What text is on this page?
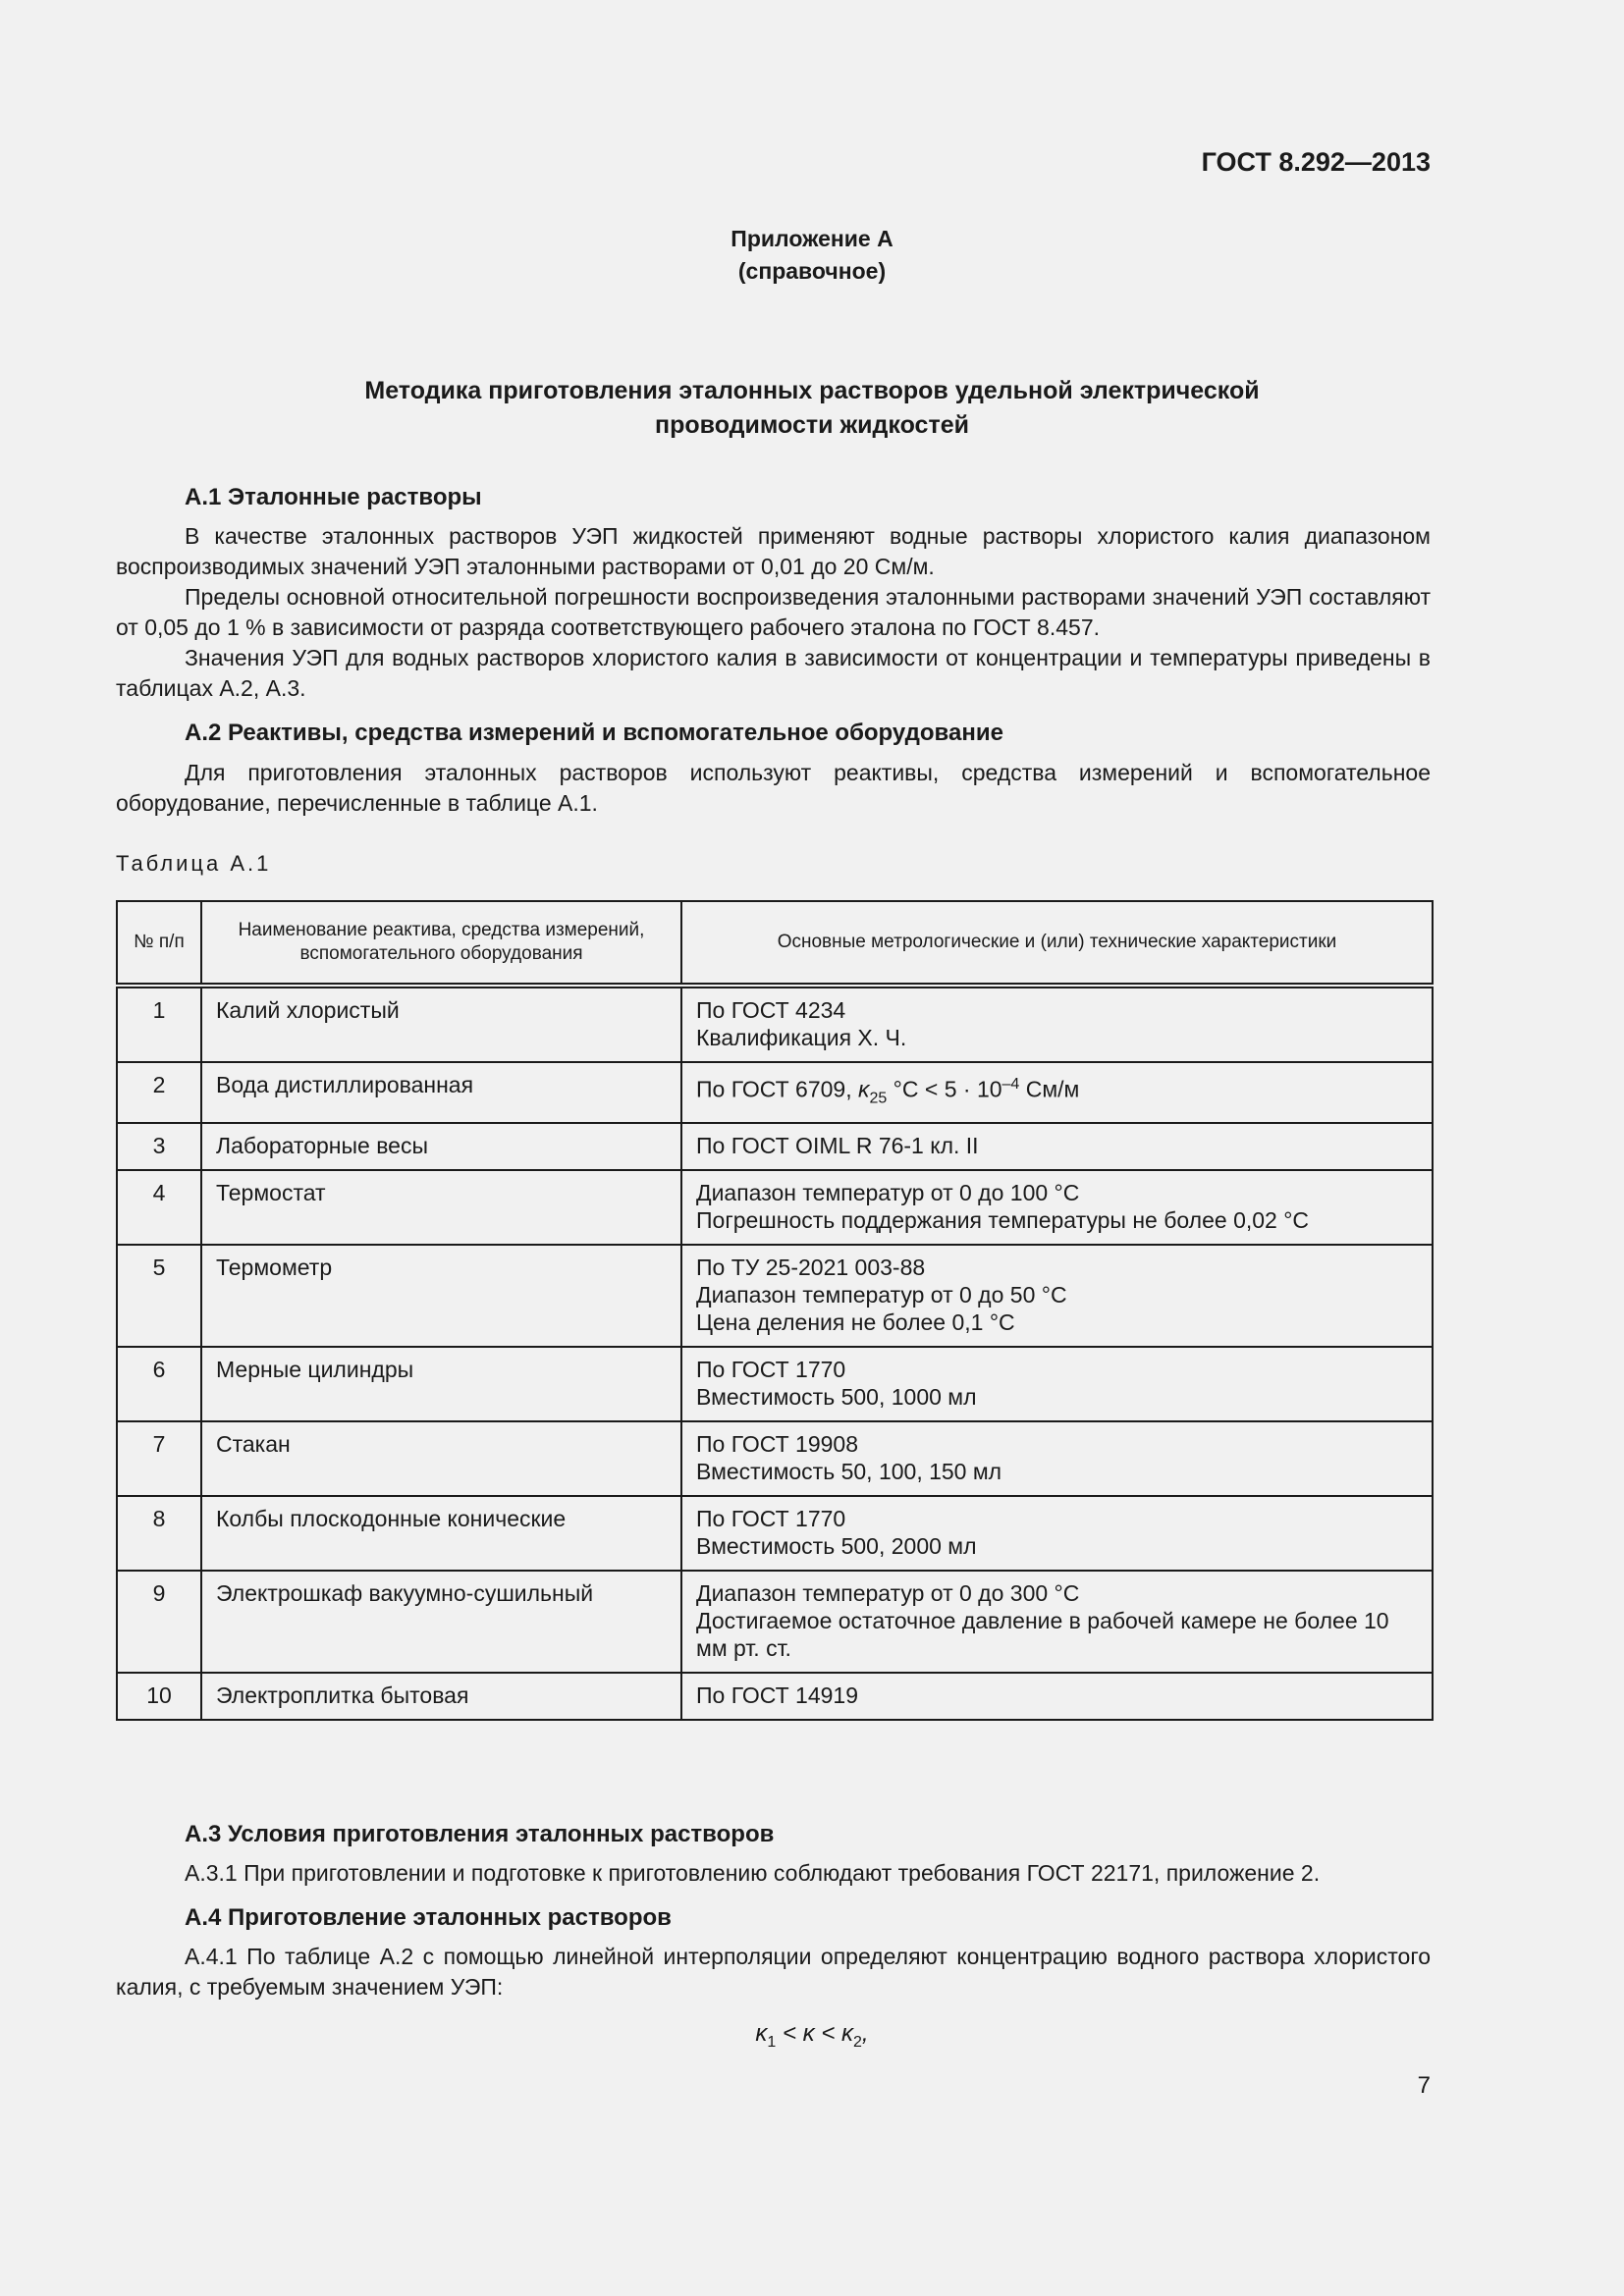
ГОСТ 8.292—2013
Приложение А
(справочное)
Методика приготовления эталонных растворов удельной электрической
проводимости жидкостей
А.1 Эталонные растворы
В качестве эталонных растворов УЭП жидкостей применяют водные растворы хлористого калия диапазоном воспроизводимых значений УЭП эталонными растворами от 0,01 до 20 См/м.
Пределы основной относительной погрешности воспроизведения эталонными растворами значений УЭП составляют от 0,05 до 1 % в зависимости от разряда соответствующего рабочего эталона по ГОСТ 8.457.
Значения УЭП для водных растворов хлористого калия в зависимости от концентрации и температуры приведены в таблицах А.2, А.3.
А.2 Реактивы, средства измерений и вспомогательное оборудование
Для приготовления эталонных растворов используют реактивы, средства измерений и вспомогательное оборудование, перечисленные в таблице А.1.
Таблица А.1
№ п/п	Наименование реактива, средства измерений, вспомогательного оборудования	Основные метрологические и (или) технические характеристики
1	Калий хлористый	По ГОСТ 4234
Квалификация Х. Ч.

2	Вода дистиллированная	По ГОСТ 6709, $\kappa_{25}$ $^\circ С < 5 \cdot 10^{-4}$ См/м
3	Лабораторные весы	По ГОСТ OIML R 76-1 кл. II

4	Термостат	Диапазон температур от 0 до 100 °С
Погрешность поддержания температуры не более 0,02 °С

5	Термометр	По ТУ 25-2021 003-88
Диапазон температур от 0 до 50 °С
Цена деления не более 0,1 °С

6	Мерные цилиндры	По ГОСТ 1770
Вместимость 500, 1000 мл

7	Стакан	По ГОСТ 19908
Вместимость 50, 100, 150 мл

8	Колбы плоскодонные конические	По ГОСТ 1770
Вместимость 500, 2000 мл

9	Электрошкаф вакуумно-сушильный	Диапазон температур от 0 до 300 °С
Достигаемое остаточное давление в рабочей камере не более 10 мм рт. ст.

10	Электроплитка бытовая	По ГОСТ 14919
А.3 Условия приготовления эталонных растворов
А.3.1 При приготовлении и подготовке к приготовлению соблюдают требования ГОСТ 22171, приложение 2.
А.4 Приготовление эталонных растворов
А.4.1 По таблице А.2 с помощью линейной интерполяции определяют концентрацию водного раствора хлористого калия, с требуемым значением УЭП:
$\kappa_1 < \kappa < \kappa_2$,
7
